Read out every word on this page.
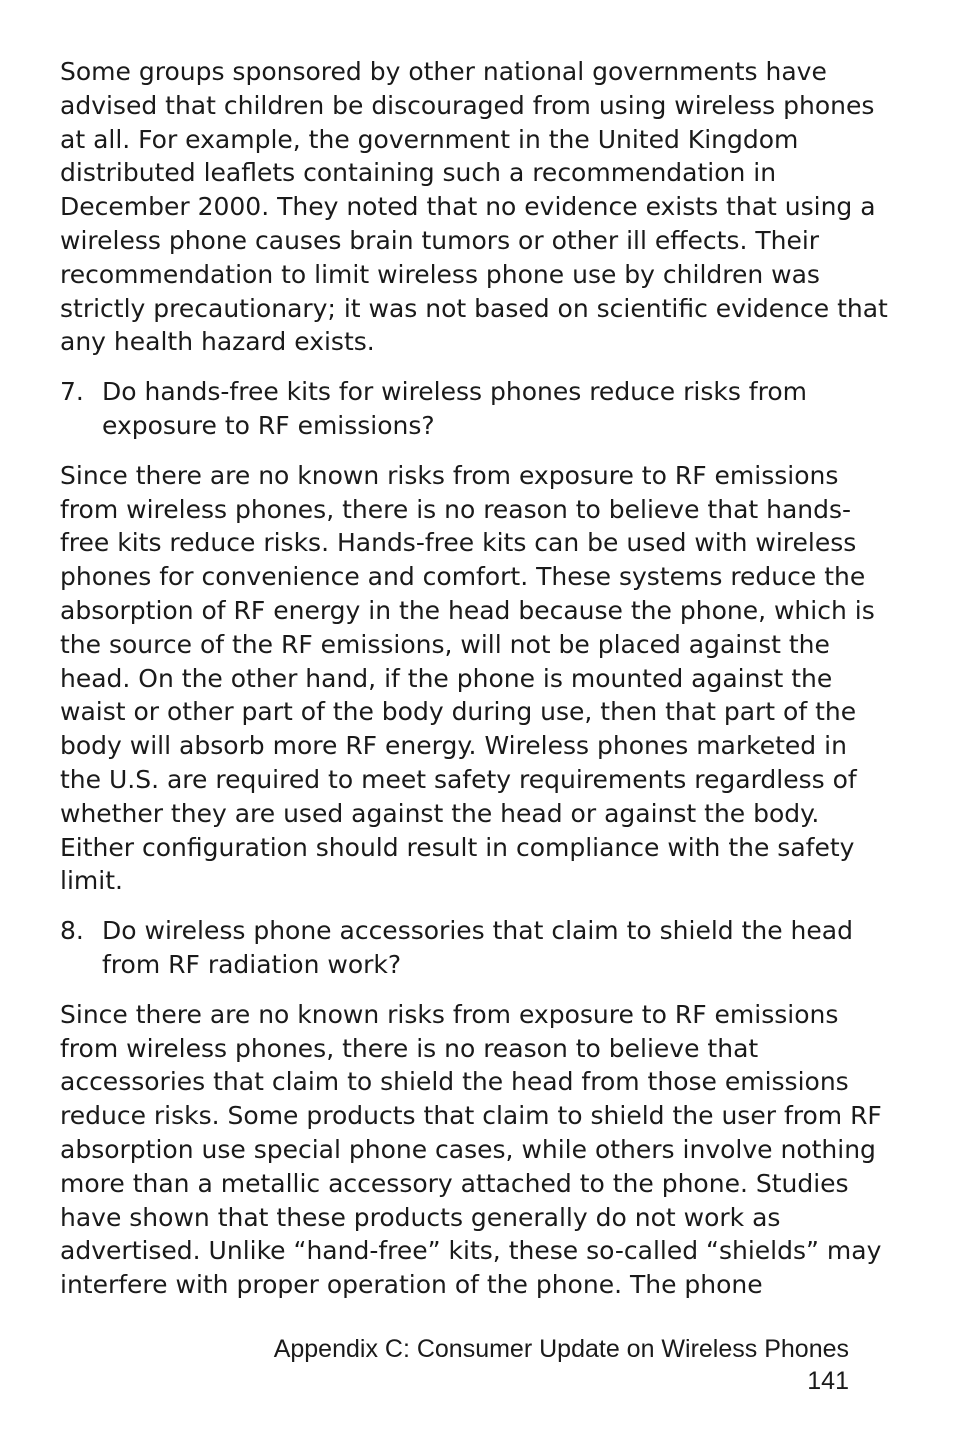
Some groups sponsored by other national governments have advised that children be discouraged from using wireless phones at all. For example, the government in the United Kingdom distributed leaflets containing such a recommendation in December 2000. They noted that no evidence exists that using a wireless phone causes brain tumors or other ill effects. Their recommendation to limit wireless phone use by children was strictly precautionary; it was not based on scientific evidence that any health hazard exists.

7. Do hands-free kits for wireless phones reduce risks from exposure to RF emissions?

Since there are no known risks from exposure to RF emissions from wireless phones, there is no reason to believe that hands-free kits reduce risks. Hands-free kits can be used with wireless phones for convenience and comfort. These systems reduce the absorption of RF energy in the head because the phone, which is the source of the RF emissions, will not be placed against the head. On the other hand, if the phone is mounted against the waist or other part of the body during use, then that part of the body will absorb more RF energy. Wireless phones marketed in the U.S. are required to meet safety requirements regardless of whether they are used against the head or against the body. Either configuration should result in compliance with the safety limit.

8. Do wireless phone accessories that claim to shield the head from RF radiation work?

Since there are no known risks from exposure to RF emissions from wireless phones, there is no reason to believe that accessories that claim to shield the head from those emissions reduce risks. Some products that claim to shield the user from RF absorption use special phone cases, while others involve nothing more than a metallic accessory attached to the phone. Studies have shown that these products generally do not work as advertised. Unlike “hand-free” kits, these so-called “shields” may interfere with proper operation of the phone. The phone

Appendix C: Consumer Update on Wireless Phones
141
